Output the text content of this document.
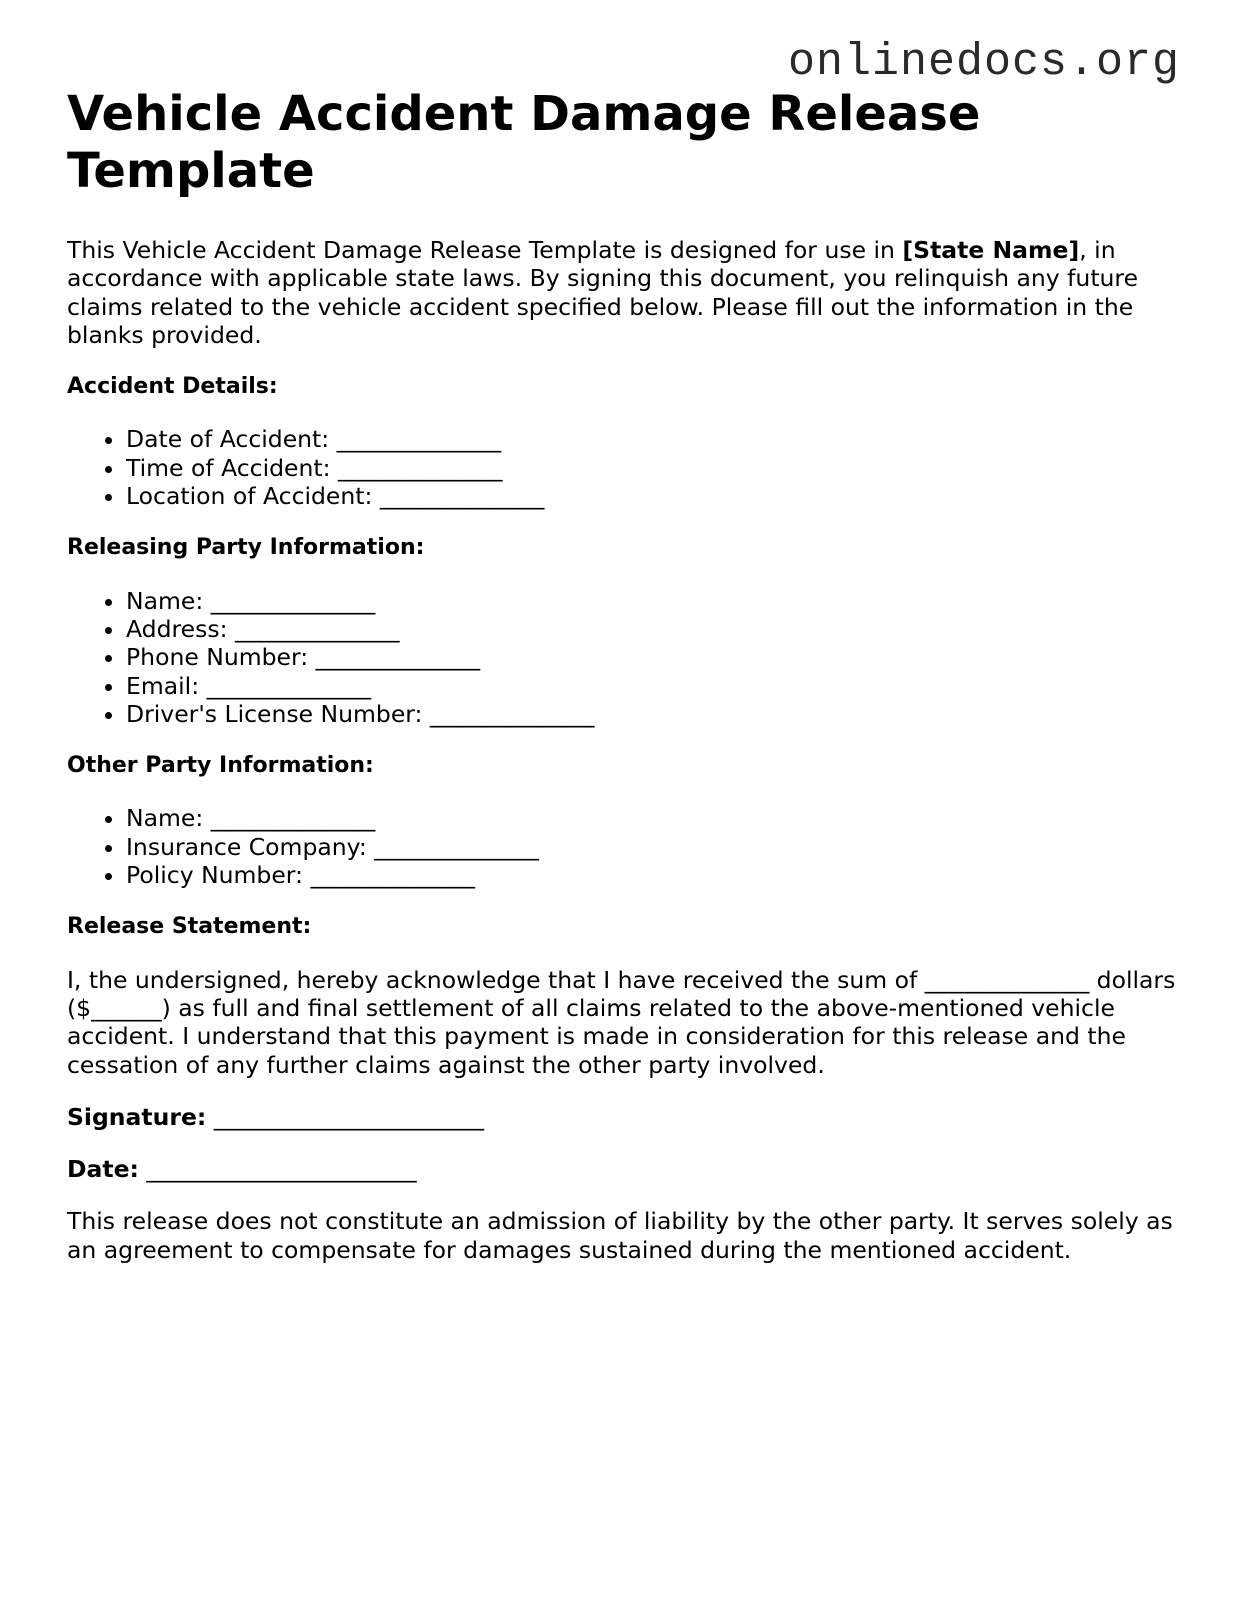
onlinedocs.org
Vehicle Accident Damage Release Template

This Vehicle Accident Damage Release Template is designed for use in [State Name], in accordance with applicable state laws. By signing this document, you relinquish any future claims related to the vehicle accident specified below. Please fill out the information in the blanks provided.

Accident Details:

• Date of Accident: ______________
• Time of Accident: ______________
• Location of Accident: ______________

Releasing Party Information:

• Name: ______________
• Address: ______________
• Phone Number: ______________
• Email: ______________
• Driver's License Number: ______________

Other Party Information:

• Name: ______________
• Insurance Company: ______________
• Policy Number: ______________

Release Statement:

I, the undersigned, hereby acknowledge that I have received the sum of ______________ dollars ($______) as full and final settlement of all claims related to the above-mentioned vehicle accident. I understand that this payment is made in consideration for this release and the cessation of any further claims against the other party involved.

Signature: _______________________

Date: _______________________

This release does not constitute an admission of liability by the other party. It serves solely as an agreement to compensate for damages sustained during the mentioned accident.
